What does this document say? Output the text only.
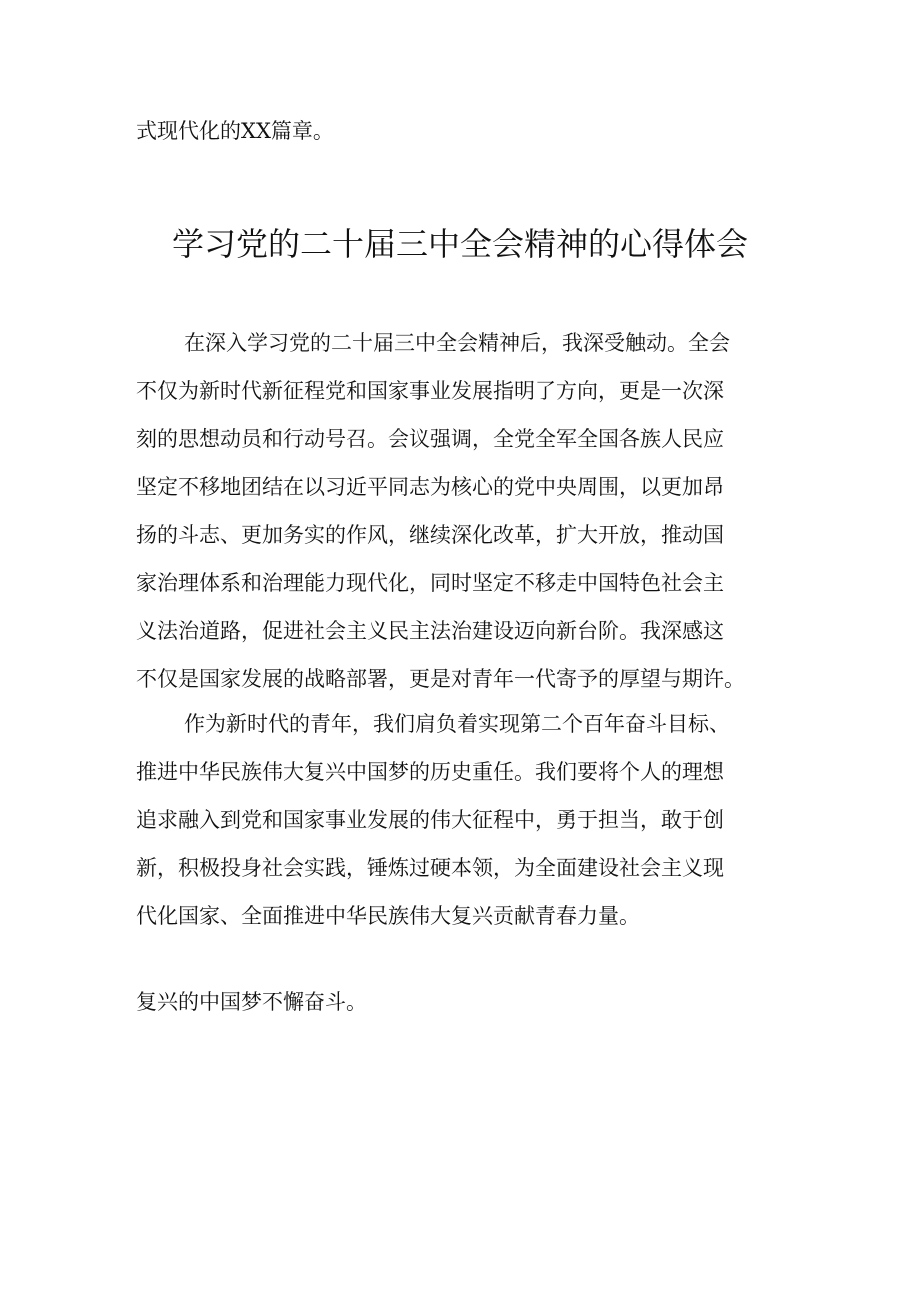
式现代化的XX篇章。

学习党的二十届三中全会精神的心得体会
在深入学习党的二十届三中全会精神后，我深受触动。全会
不仅为新时代新征程党和国家事业发展指明了方向，更是一次深
刻的思想动员和行动号召。会议强调，全党全军全国各族人民应
坚定不移地团结在以习近平同志为核心的党中央周围，以更加昂
扬的斗志、更加务实的作风，继续深化改革，扩大开放，推动国
家治理体系和治理能力现代化，同时坚定不移走中国特色社会主
义法治道路，促进社会主义民主法治建设迈向新台阶。我深感这
不仅是国家发展的战略部署，更是对青年一代寄予的厚望与期许。
作为新时代的青年，我们肩负着实现第二个百年奋斗目标、
推进中华民族伟大复兴中国梦的历史重任。我们要将个人的理想
追求融入到党和国家事业发展的伟大征程中，勇于担当，敢于创
新，积极投身社会实践，锤炼过硬本领，为全面建设社会主义现
代化国家、全面推进中华民族伟大复兴贡献青春力量。

复兴的中国梦不懈奋斗。
